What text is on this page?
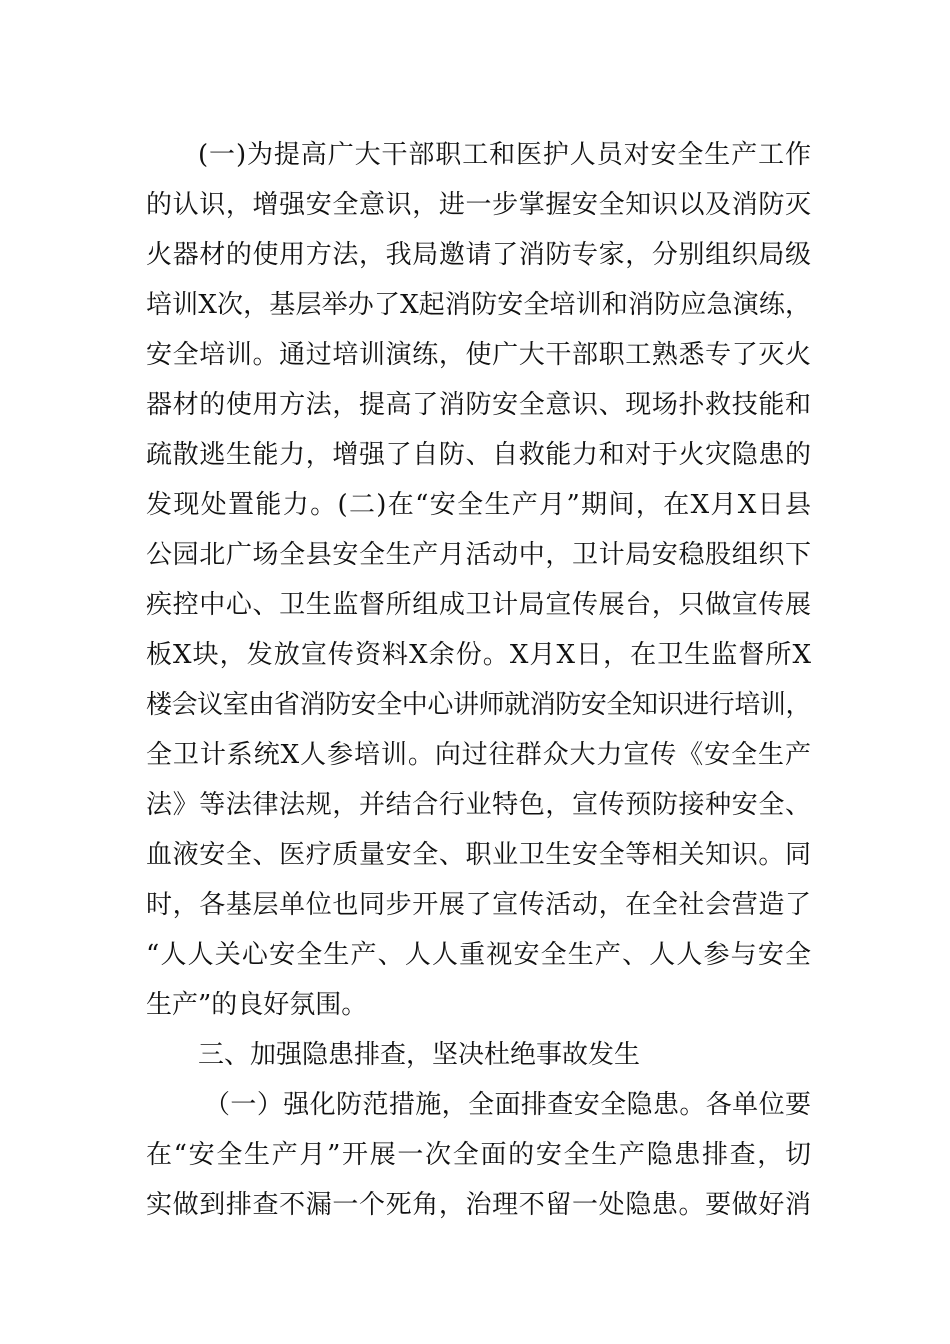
(一)为提高广大干部职工和医护人员对安全生产工作
的认识，增强安全意识，进一步掌握安全知识以及消防灭
火器材的使用方法，我局邀请了消防专家，分别组织局级
培训X次，基层举办了X起消防安全培训和消防应急演练，
安全培训。通过培训演练，使广大干部职工熟悉专了灭火
器材的使用方法，提高了消防安全意识、现场扑救技能和
疏散逃生能力，增强了自防、自救能力和对于火灾隐患的
发现处置能力。(二)在“安全生产月”期间，在X月X日县
公园北广场全县安全生产月活动中，卫计局安稳股组织下
疾控中心、卫生监督所组成卫计局宣传展台，只做宣传展
板X块，发放宣传资料X余份。X月X日，在卫生监督所X
楼会议室由省消防安全中心讲师就消防安全知识进行培训，
全卫计系统X人参培训。向过往群众大力宣传《安全生产
法》等法律法规，并结合行业特色，宣传预防接种安全、
血液安全、医疗质量安全、职业卫生安全等相关知识。同
时，各基层单位也同步开展了宣传活动，在全社会营造了
“人人关心安全生产、人人重视安全生产、人人参与安全
生产”的良好氛围。
三、加强隐患排查，坚决杜绝事故发生
（一）强化防范措施，全面排查安全隐患。各单位要
在“安全生产月”开展一次全面的安全生产隐患排查，切
实做到排查不漏一个死角，治理不留一处隐患。要做好消
